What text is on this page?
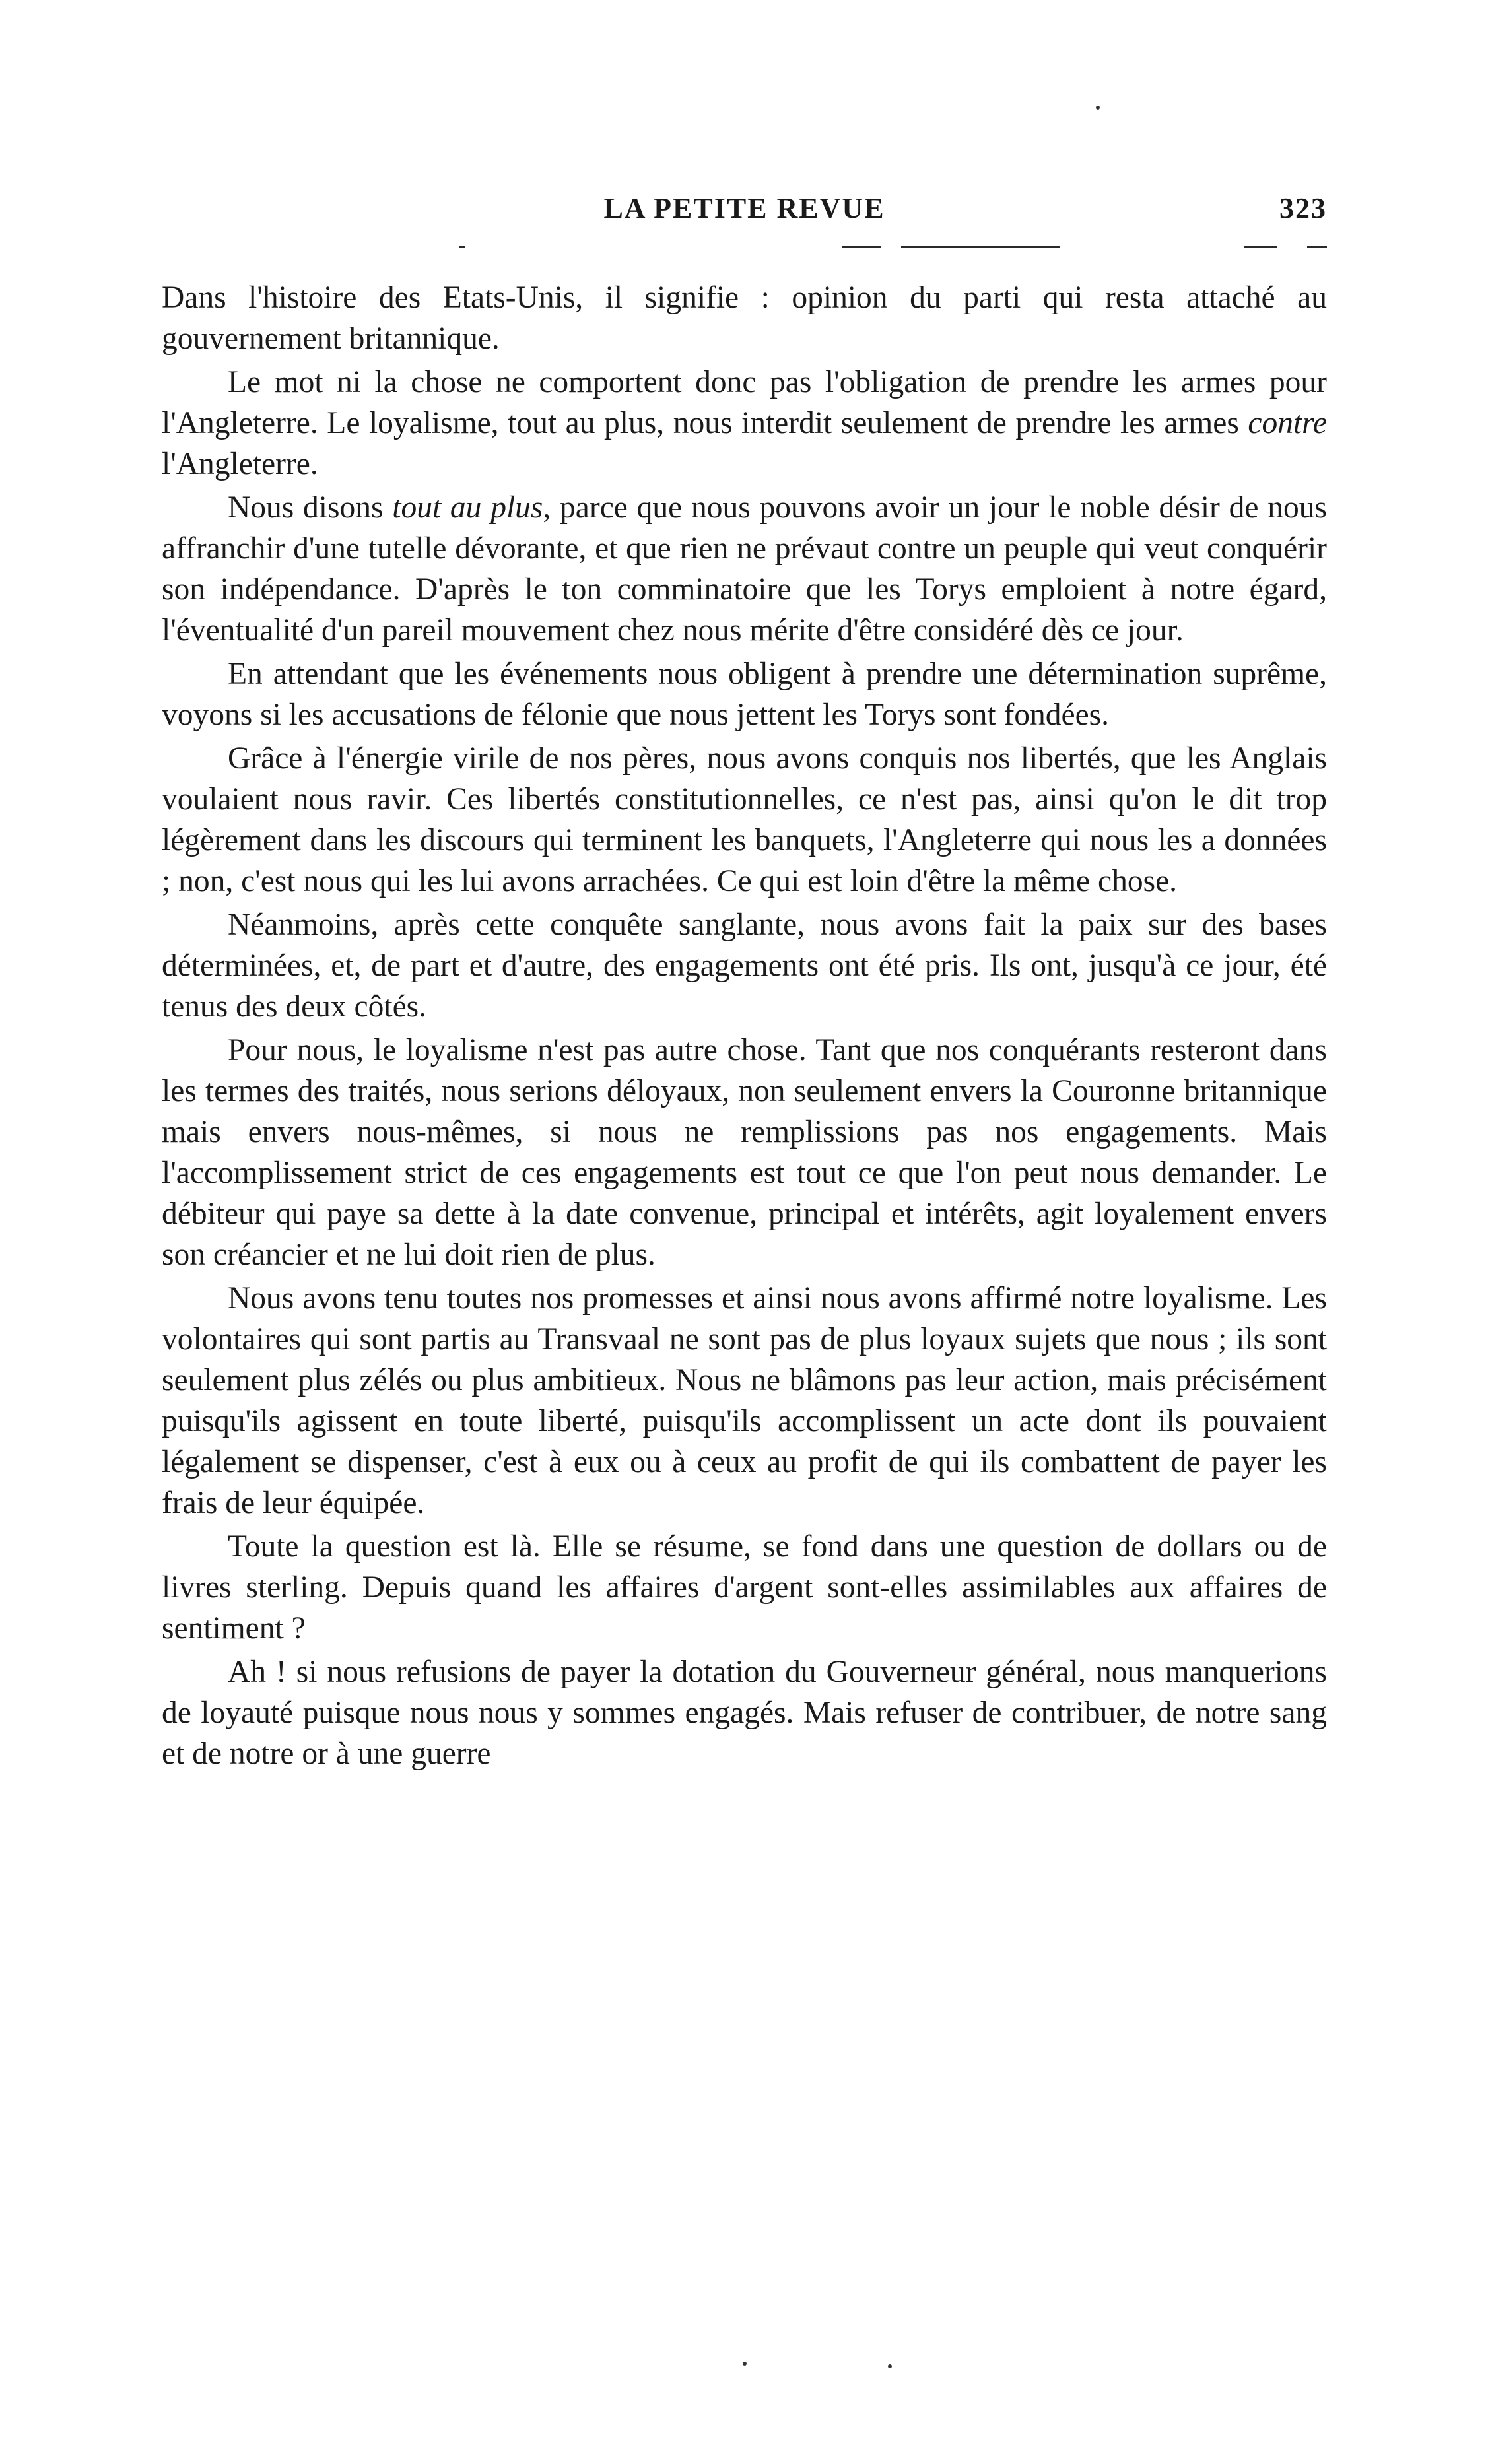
LA PETITE REVUE	323

Dans l'histoire des Etats-Unis, il signifie : opinion du parti qui resta attaché au gouvernement britannique.

Le mot ni la chose ne comportent donc pas l'obligation de prendre les armes pour l'Angleterre. Le loyalisme, tout au plus, nous interdit seulement de prendre les armes contre l'Angleterre.

Nous disons tout au plus, parce que nous pouvons avoir un jour le noble désir de nous affranchir d'une tutelle dévorante, et que rien ne prévaut contre un peuple qui veut conquérir son indépendance. D'après le ton comminatoire que les Torys emploient à notre égard, l'éventualité d'un pareil mouvement chez nous mérite d'être considéré dès ce jour.

En attendant que les événements nous obligent à prendre une détermination suprême, voyons si les accusations de félonie que nous jettent les Torys sont fondées.

Grâce à l'énergie virile de nos pères, nous avons conquis nos libertés, que les Anglais voulaient nous ravir. Ces libertés constitutionnelles, ce n'est pas, ainsi qu'on le dit trop légèrement dans les discours qui terminent les banquets, l'Angleterre qui nous les a données ; non, c'est nous qui les lui avons arrachées. Ce qui est loin d'être la même chose.

Néanmoins, après cette conquête sanglante, nous avons fait la paix sur des bases déterminées, et, de part et d'autre, des engagements ont été pris. Ils ont, jusqu'à ce jour, été tenus des deux côtés.

Pour nous, le loyalisme n'est pas autre chose. Tant que nos conquérants resteront dans les termes des traités, nous serions déloyaux, non seulement envers la Couronne britannique mais envers nous-mêmes, si nous ne remplissions pas nos engagements. Mais l'accomplissement strict de ces engagements est tout ce que l'on peut nous demander. Le débiteur qui paye sa dette à la date convenue, principal et intérêts, agit loyalement envers son créancier et ne lui doit rien de plus.

Nous avons tenu toutes nos promesses et ainsi nous avons affirmé notre loyalisme. Les volontaires qui sont partis au Transvaal ne sont pas de plus loyaux sujets que nous ; ils sont seulement plus zélés ou plus ambitieux. Nous ne blâmons pas leur action, mais précisément puisqu'ils agissent en toute liberté, puisqu'ils accomplissent un acte dont ils pouvaient légalement se dispenser, c'est à eux ou à ceux au profit de qui ils combattent de payer les frais de leur équipée.

Toute la question est là. Elle se résume, se fond dans une question de dollars ou de livres sterling. Depuis quand les affaires d'argent sont-elles assimilables aux affaires de sentiment ?

Ah ! si nous refusions de payer la dotation du Gouverneur général, nous manquerions de loyauté puisque nous nous y sommes engagés. Mais refuser de contribuer, de notre sang et de notre or à une guerre
